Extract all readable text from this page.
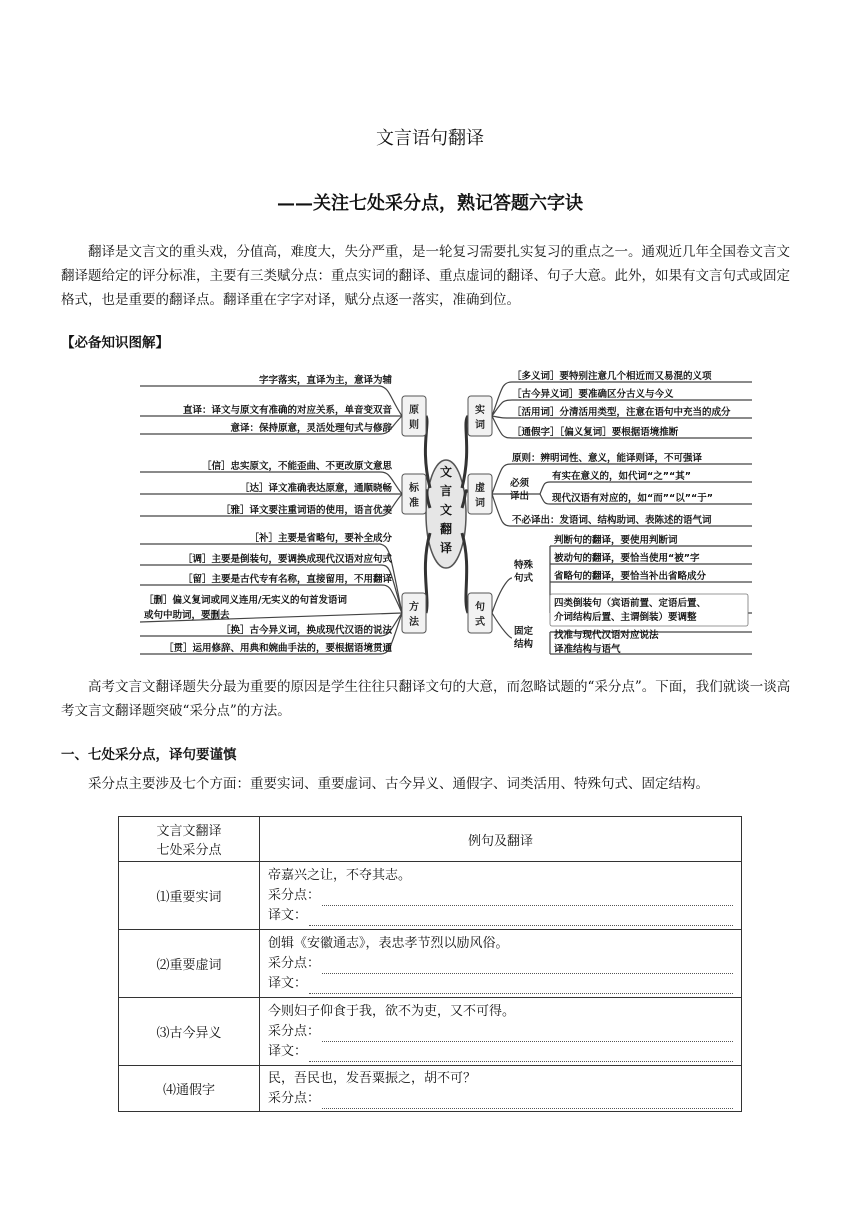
文言语句翻译
——关注七处采分点，熟记答题六字诀
翻译是文言文的重头戏，分值高，难度大，失分严重，是一轮复习需要扎实复习的重点之一。通观近几年全国卷文言文翻译题给定的评分标准，主要有三类赋分点：重点实词的翻译、重点虚词的翻译、句子大意。此外，如果有文言句式或固定格式，也是重要的翻译点。翻译重在字字对译，赋分点逐一落实，准确到位。
【必备知识图解】
文
言
文
翻
译
原
则
标
准
方
法
实
词
虚
词
句
式
字字落实，直译为主，意译为辅
直译：译文与原文有准确的对应关系，单音变双音
意译：保持原意，灵活处理句式与修辞
［信］忠实原文，不能歪曲、不更改原文意思
［达］译文准确表达原意，通顺晓畅
［雅］译文要注重词语的使用，语言优美
［补］主要是省略句，要补全成分
［调］主要是倒装句，要调换成现代汉语对应句式
［留］主要是古代专有名称，直接留用，不用翻译
［删］偏义复词或同义连用/无实义的句首发语词
或句中助词，要删去
［换］古今异义词，换成现代汉语的说法
［贯］运用修辞、用典和婉曲手法的，要根据语境贯通
［多义词］要特别注意几个相近而又易混的义项
［古今异义词］要准确区分古义与今义
［活用词］分清活用类型，注意在语句中充当的成分
［通假字］［偏义复词］要根据语境推断
原则：辨明词性、意义，能译则译，不可强译
必须
译出
有实在意义的，如代词“之”“其”
现代汉语有对应的，如“而”“以”“于”
不必译出：发语词、结构助词、表陈述的语气词
特殊
句式
固定
结构
判断句的翻译，要使用判断词
被动句的翻译，要恰当使用“被”字
省略句的翻译，要恰当补出省略成分
四类倒装句（宾语前置、定语后置、
介词结构后置、主谓倒装）要调整
找准与现代汉语对应说法
译准结构与语气
高考文言文翻译题失分最为重要的原因是学生往往只翻译文句的大意，而忽略试题的“采分点”。下面，我们就谈一谈高考文言文翻译题突破“采分点”的方法。
一、七处采分点，译句要谨慎
采分点主要涉及七个方面：重要实词、重要虚词、古今异义、通假字、词类活用、特殊句式、固定结构。
文言文翻译
七处采分点	例句及翻译
⑴重要实词	帝嘉兴之让，不夺其志。
采分点：
译文：

⑵重要虚词	创辑《安徽通志》，表忠孝节烈以励风俗。
采分点：
译文：

⑶古今异义	今则妇子仰食于我，欲不为吏，又不可得。
采分点：
译文：

⑷通假字	民，吾民也，发吾粟振之，胡不可？
采分点：
